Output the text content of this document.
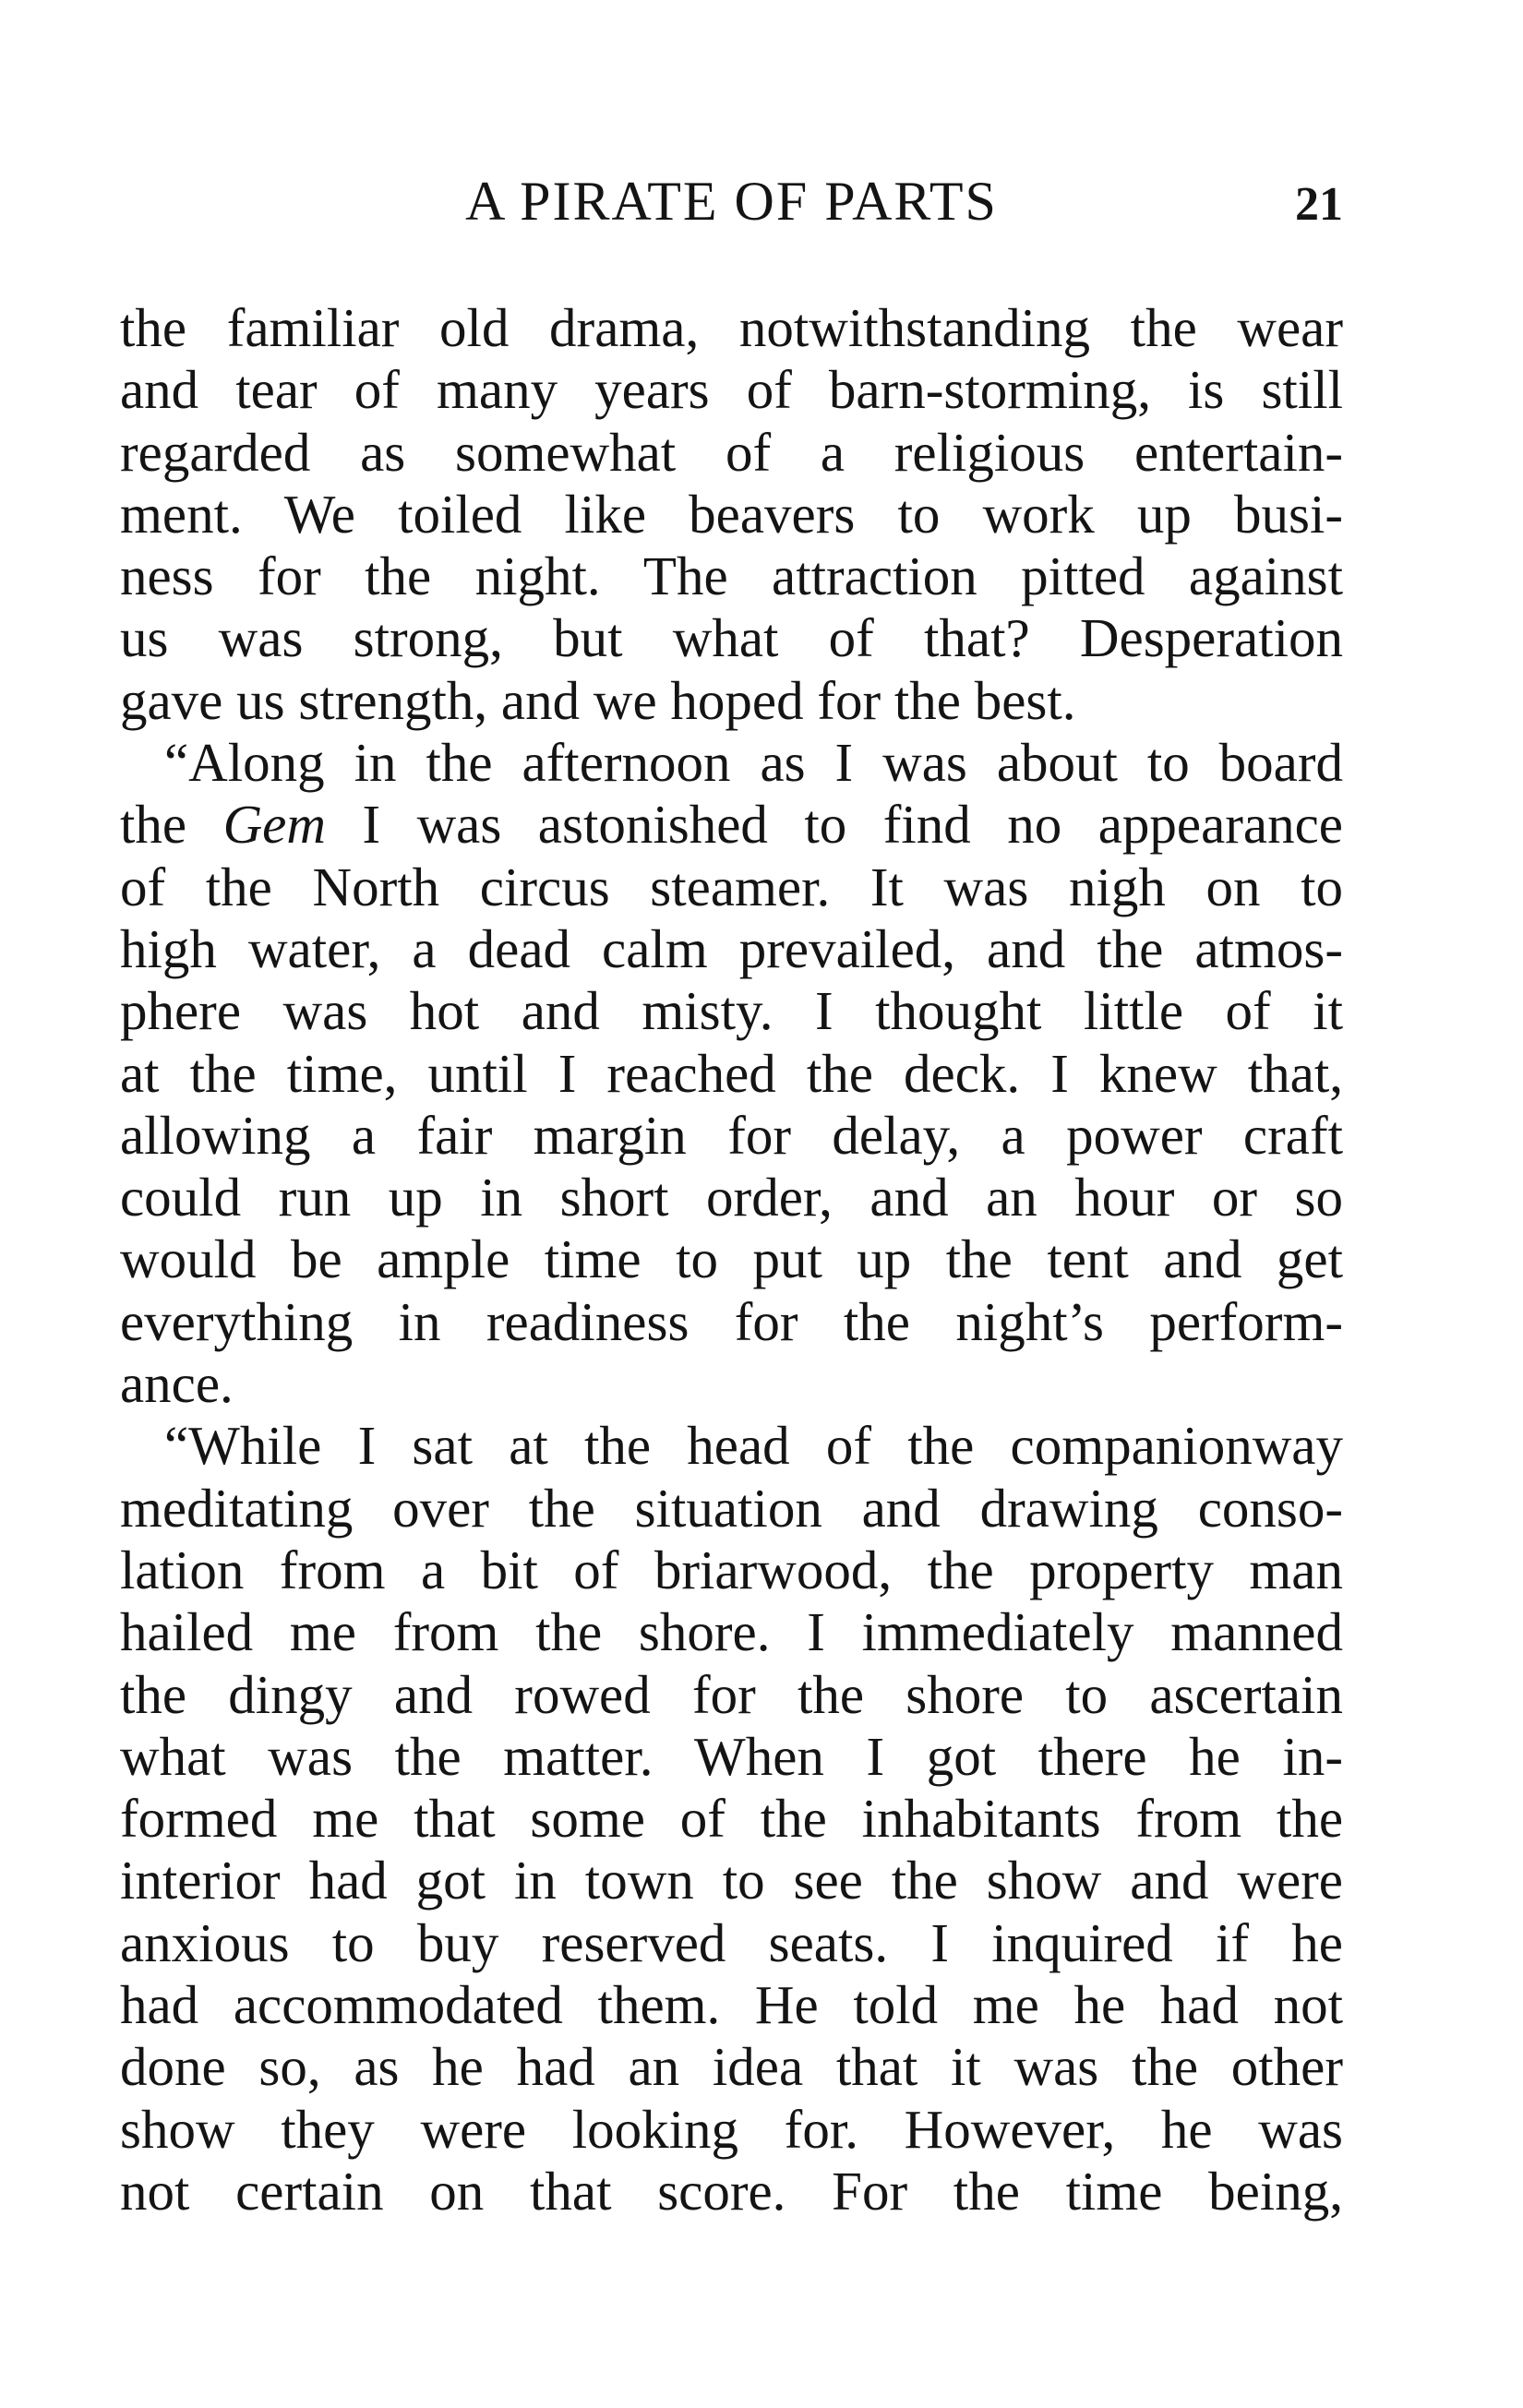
A PIRATE OF PARTS	21
the familiar old drama, notwithstanding the wear
and tear of many years of barn-storming, is still
regarded as somewhat of a religious entertain-
ment. We toiled like beavers to work up busi-
ness for the night. The attraction pitted against
us was strong, but what of that? Desperation
gave us strength, and we hoped for the best.
“Along in the afternoon as I was about to board
the Gem I was astonished to find no appearance
of the North circus steamer. It was nigh on to
high water, a dead calm prevailed, and the atmos-
phere was hot and misty. I thought little of it
at the time, until I reached the deck. I knew that,
allowing a fair margin for delay, a power craft
could run up in short order, and an hour or so
would be ample time to put up the tent and get
everything in readiness for the night’s perform-
ance.
“While I sat at the head of the companionway
meditating over the situation and drawing conso-
lation from a bit of briarwood, the property man
hailed me from the shore. I immediately manned
the dingy and rowed for the shore to ascertain
what was the matter. When I got there he in-
formed me that some of the inhabitants from the
interior had got in town to see the show and were
anxious to buy reserved seats. I inquired if he
had accommodated them. He told me he had not
done so, as he had an idea that it was the other
show they were looking for. However, he was
not certain on that score. For the time being,
